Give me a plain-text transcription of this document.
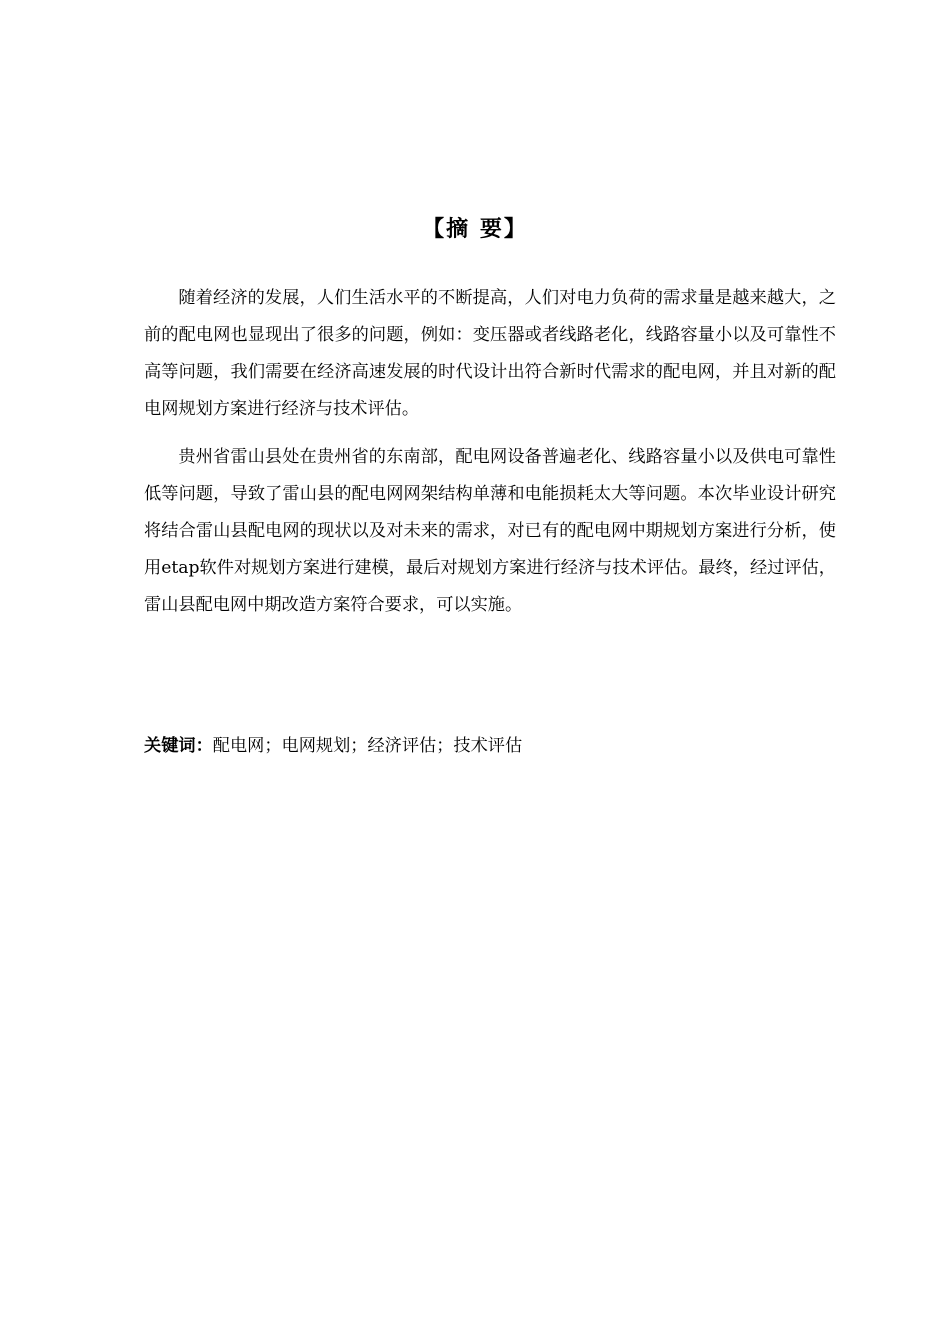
【摘 要】

随着经济的发展，人们生活水平的不断提高，人们对电力负荷的需求量是越来越大，之前的配电网也显现出了很多的问题，例如：变压器或者线路老化，线路容量小以及可靠性不高等问题，我们需要在经济高速发展的时代设计出符合新时代需求的配电网，并且对新的配电网规划方案进行经济与技术评估。

贵州省雷山县处在贵州省的东南部，配电网设备普遍老化、线路容量小以及供电可靠性低等问题，导致了雷山县的配电网网架结构单薄和电能损耗太大等问题。本次毕业设计研究将结合雷山县配电网的现状以及对未来的需求，对已有的配电网中期规划方案进行分析，使用etap软件对规划方案进行建模，最后对规划方案进行经济与技术评估。最终，经过评估，雷山县配电网中期改造方案符合要求，可以实施。

关键词：配电网；电网规划；经济评估；技术评估
